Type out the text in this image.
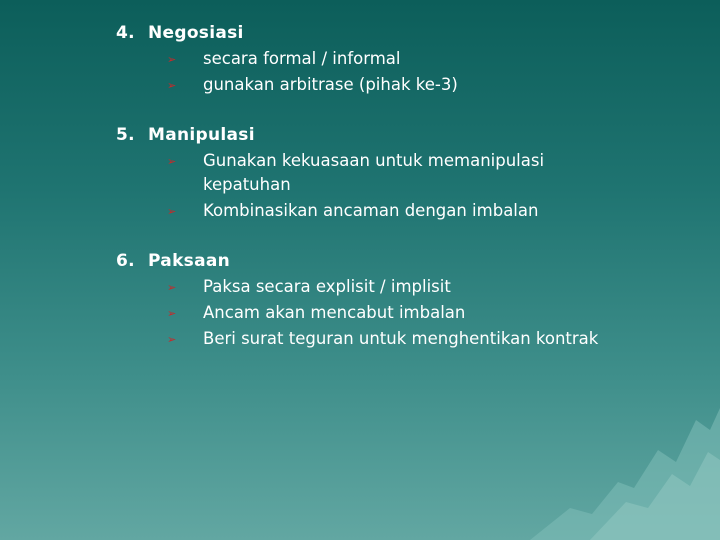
4. Negosiasi
➢ secara formal / informal
➢ gunakan arbitrase (pihak ke-3)
5. Manipulasi
➢ Gunakan kekuasaan untuk memanipulasi kepatuhan
➢ Kombinasikan ancaman dengan imbalan
6. Paksaan
➢ Paksa secara explisit / implisit
➢ Ancam akan mencabut imbalan
➢ Beri surat teguran untuk menghentikan kontrak
